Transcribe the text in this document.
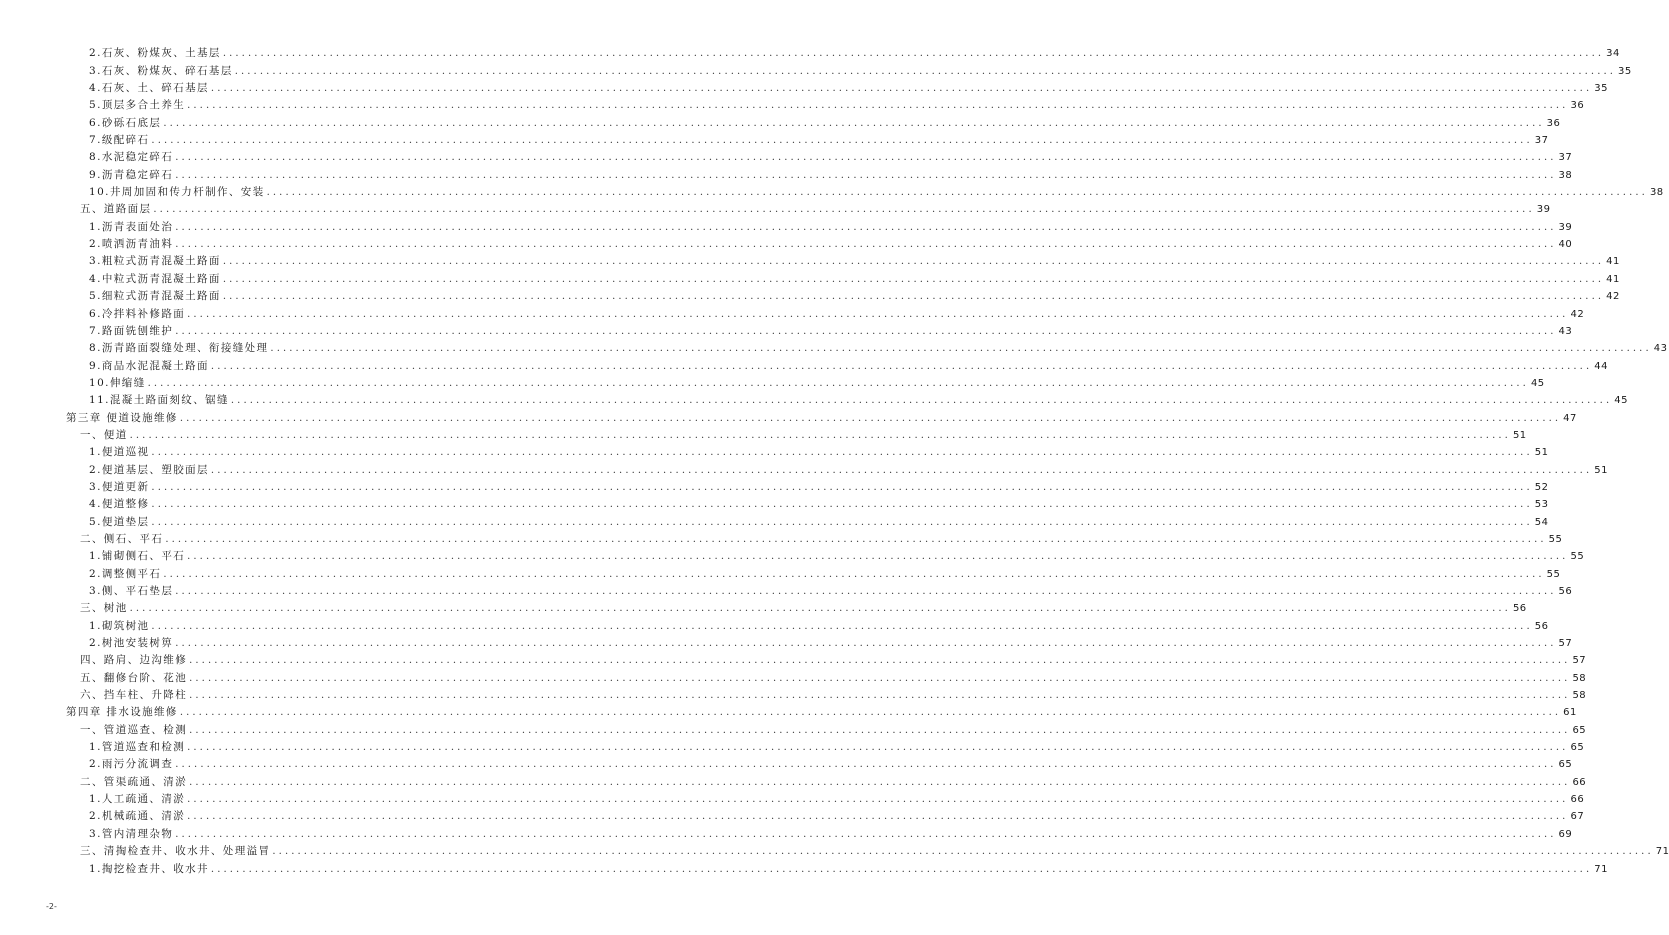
2.石灰、粉煤灰、土基层 ............................................................................................................................................................................................................................ 34
3.石灰、粉煤灰、碎石基层 ............................................................................................................................................................................................................................ 35
4.石灰、土、碎石基层 ............................................................................................................................................................................................................................ 35
5.顶层多合土养生 ............................................................................................................................................................................................................................ 36
6.砂砾石底层 ............................................................................................................................................................................................................................ 36
7.级配碎石 ............................................................................................................................................................................................................................ 37
8.水泥稳定碎石 ............................................................................................................................................................................................................................ 37
9.沥青稳定碎石 ............................................................................................................................................................................................................................ 38
10.井周加固和传力杆制作、安装 ............................................................................................................................................................................................................................ 38
五、道路面层 ............................................................................................................................................................................................................................ 39
1.沥青表面处治 ............................................................................................................................................................................................................................ 39
2.喷洒沥青油料 ............................................................................................................................................................................................................................ 40
3.粗粒式沥青混凝土路面 ............................................................................................................................................................................................................................ 41
4.中粒式沥青混凝土路面 ............................................................................................................................................................................................................................ 41
5.细粒式沥青混凝土路面 ............................................................................................................................................................................................................................ 42
6.冷拌料补修路面 ............................................................................................................................................................................................................................ 42
7.路面铣刨维护 ............................................................................................................................................................................................................................ 43
8.沥青路面裂缝处理、衔接缝处理 ............................................................................................................................................................................................................................ 43
9.商品水泥混凝土路面 ............................................................................................................................................................................................................................ 44
10.伸缩缝 ............................................................................................................................................................................................................................ 45
11.混凝土路面刻纹、锯缝 ............................................................................................................................................................................................................................ 45
第三章 便道设施维修 ............................................................................................................................................................................................................................ 47
一、便道 ............................................................................................................................................................................................................................ 51
1.便道巡视 ............................................................................................................................................................................................................................ 51
2.便道基层、塑胶面层 ............................................................................................................................................................................................................................ 51
3.便道更新 ............................................................................................................................................................................................................................ 52
4.便道整修 ............................................................................................................................................................................................................................ 53
5.便道垫层 ............................................................................................................................................................................................................................ 54
二、侧石、平石 ............................................................................................................................................................................................................................ 55
1.铺砌侧石、平石 ............................................................................................................................................................................................................................ 55
2.调整侧平石 ............................................................................................................................................................................................................................ 55
3.侧、平石垫层 ............................................................................................................................................................................................................................ 56
三、树池 ............................................................................................................................................................................................................................ 56
1.砌筑树池 ............................................................................................................................................................................................................................ 56
2.树池安装树箅 ............................................................................................................................................................................................................................ 57
四、路肩、边沟维修 ............................................................................................................................................................................................................................ 57
五、翻修台阶、花池 ............................................................................................................................................................................................................................ 58
六、挡车柱、升降柱 ............................................................................................................................................................................................................................ 58
第四章 排水设施维修 ............................................................................................................................................................................................................................ 61
一、管道巡查、检测 ............................................................................................................................................................................................................................ 65
1.管道巡查和检测 ............................................................................................................................................................................................................................ 65
2.雨污分流调查 ............................................................................................................................................................................................................................ 65
二、管渠疏通、清淤 ............................................................................................................................................................................................................................ 66
1.人工疏通、清淤 ............................................................................................................................................................................................................................ 66
2.机械疏通、清淤 ............................................................................................................................................................................................................................ 67
3.管内清理杂物 ............................................................................................................................................................................................................................ 69
三、清掏检查井、收水井、处理溢冒 ............................................................................................................................................................................................................................ 71
1.掏挖检查井、收水井 ............................................................................................................................................................................................................................ 71
-2-
